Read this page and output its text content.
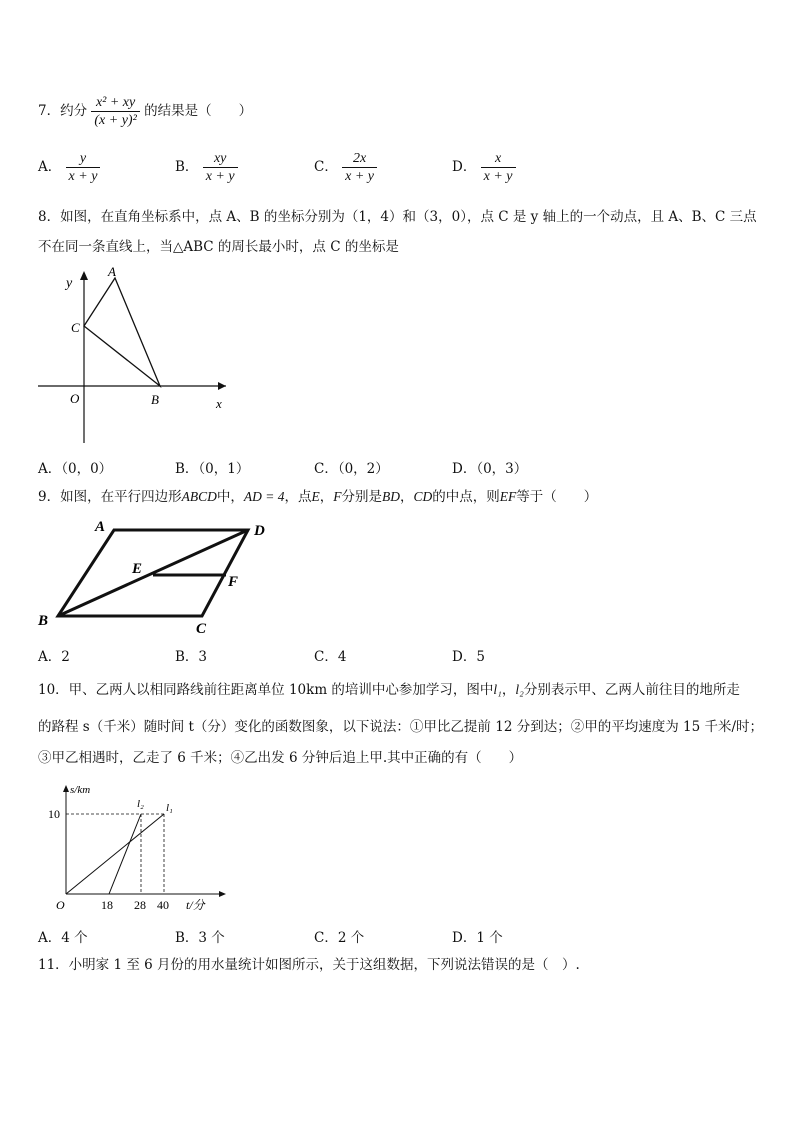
7．约分 $\frac{\text{x² + xy}}{\text{(x + y)²}}$ 的结果是（　　）
A． $\frac{y}{x + y}$	B． $\frac{xy}{x + y}$	C． $\frac{2x}{x + y}$	D． $\frac{x}{x + y}$
8．如图，在直角坐标系中，点 A、B 的坐标分别为（1，4）和（3，0），点 C 是 y 轴上的一个动点，且 A、B、C 三点
不在同一条直线上，当△ABC 的周长最小时，点 C 的坐标是
y
A
C
O	B	x
A．（0，0）	B．（0，1）	C．（0，2）	D．（0，3）
9．如图，在平行四边形ABCD中，AD = 4，点E，F分别是BD，CD的中点，则EF等于（　　）
A	D
E
F
B	C
A．2	B．3	C．4	D．5
10．甲、乙两人以相同路线前往距离单位 10km 的培训中心参加学习，图中l₁，l₂分别表示甲、乙两人前往目的地所走
的路程 s（千米）随时间 t（分）变化的函数图象，以下说法：①甲比乙提前 12 分到达；②甲的平均速度为 15 千米/时；
③甲乙相遇时，乙走了 6 千米；④乙出发 6 分钟后追上甲.其中正确的有（　　）
s/km
10
l₂ l₁
O	18 28 40 t/分
A．4 个	B．3 个	C．2 个	D．1 个
11．小明家 1 至 6 月份的用水量统计如图所示，关于这组数据，下列说法错误的是（　）.
